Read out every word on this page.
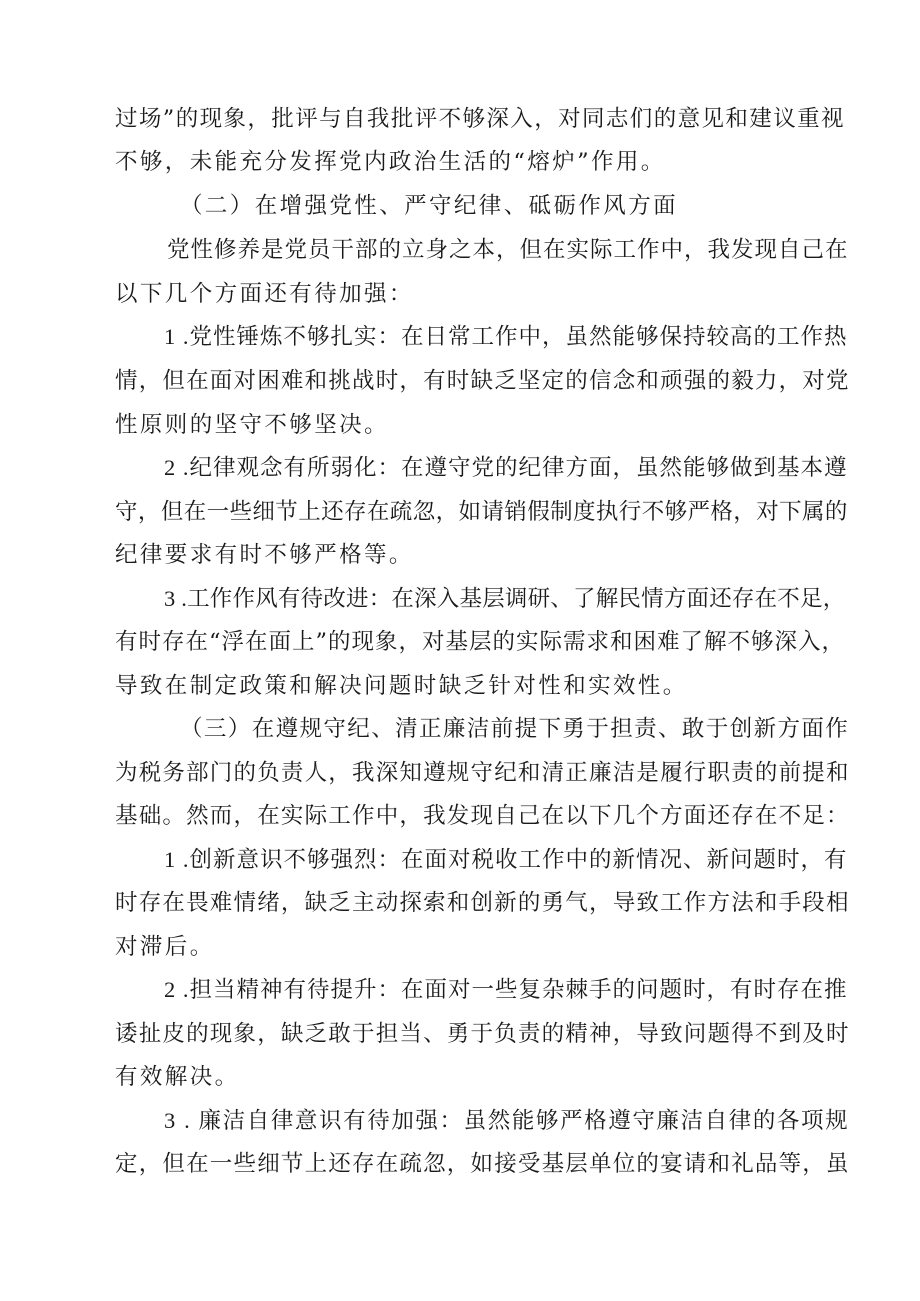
过场”的现象，批评与自我批评不够深入，对同志们的意见和建议重视
不够，未能充分发挥党内政治生活的“熔炉”作用。
（二）在增强党性、严守纪律、砥砺作风方面
党性修养是党员干部的立身之本，但在实际工作中，我发现自己在
以下几个方面还有待加强：
1 .党性锤炼不够扎实：在日常工作中，虽然能够保持较高的工作热
情，但在面对困难和挑战时，有时缺乏坚定的信念和顽强的毅力，对党
性原则的坚守不够坚决。
2 .纪律观念有所弱化：在遵守党的纪律方面，虽然能够做到基本遵
守，但在一些细节上还存在疏忽，如请销假制度执行不够严格，对下属的
纪律要求有时不够严格等。
3 .工作作风有待改进：在深入基层调研、了解民情方面还存在不足，
有时存在“浮在面上”的现象，对基层的实际需求和困难了解不够深入，
导致在制定政策和解决问题时缺乏针对性和实效性。
（三）在遵规守纪、清正廉洁前提下勇于担责、敢于创新方面作
为税务部门的负责人，我深知遵规守纪和清正廉洁是履行职责的前提和
基础。然而，在实际工作中，我发现自己在以下几个方面还存在不足：
1 .创新意识不够强烈：在面对税收工作中的新情况、新问题时，有
时存在畏难情绪，缺乏主动探索和创新的勇气，导致工作方法和手段相
对滞后。
2 .担当精神有待提升：在面对一些复杂棘手的问题时，有时存在推
诿扯皮的现象，缺乏敢于担当、勇于负责的精神，导致问题得不到及时
有效解决。
3 . 廉洁自律意识有待加强：虽然能够严格遵守廉洁自律的各项规
定，但在一些细节上还存在疏忽，如接受基层单位的宴请和礼品等，虽
